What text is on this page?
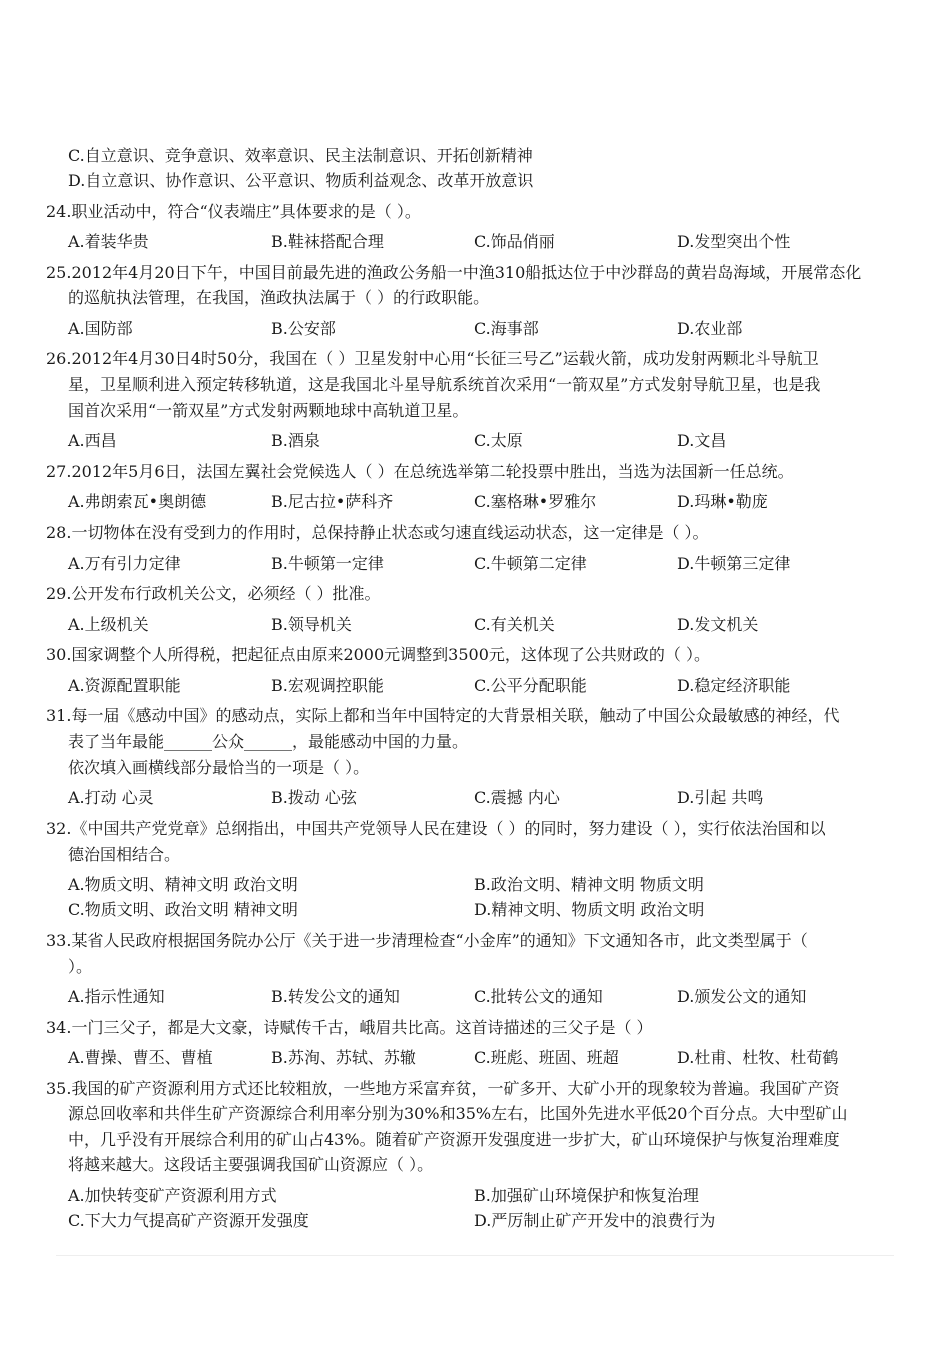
C.自立意识、竞争意识、效率意识、民主法制意识、开拓创新精神
D.自立意识、协作意识、公平意识、物质利益观念、改革开放意识
24.职业活动中，符合“仪表端庄”具体要求的是（ ）。
A.着装华贵	B.鞋袜搭配合理	C.饰品俏丽	D.发型突出个性
25.2012年4月20日下午，中国目前最先进的渔政公务船一中渔310船抵达位于中沙群岛的黄岩岛海域，开展常态化
的巡航执法管理，在我国，渔政执法属于（ ）的行政职能。
A.国防部	B.公安部	C.海事部	D.农业部
26.2012年4月30日4时50分，我国在（ ）卫星发射中心用“长征三号乙”运载火箭，成功发射两颗北斗导航卫
星，卫星顺利进入预定转移轨道，这是我国北斗星导航系统首次采用“一箭双星”方式发射导航卫星，也是我
国首次采用“一箭双星”方式发射两颗地球中高轨道卫星。
A.西昌	B.酒泉	C.太原	D.文昌
27.2012年5月6日，法国左翼社会党候选人（ ）在总统选举第二轮投票中胜出，当选为法国新一任总统。
A.弗朗索瓦•奥朗德	B.尼古拉•萨科齐	C.塞格琳•罗雅尔	D.玛琳•勒庞
28.一切物体在没有受到力的作用时，总保持静止状态或匀速直线运动状态，这一定律是（ ）。
A.万有引力定律	B.牛顿第一定律	C.牛顿第二定律	D.牛顿第三定律
29.公开发布行政机关公文，必须经（ ）批准。
A.上级机关	B.领导机关	C.有关机关	D.发文机关
30.国家调整个人所得税，把起征点由原来2000元调整到3500元，这体现了公共财政的（ ）。
A.资源配置职能	B.宏观调控职能	C.公平分配职能	D.稳定经济职能
31.每一届《感动中国》的感动点，实际上都和当年中国特定的大背景相关联，触动了中国公众最敏感的神经，代
表了当年最能______公众______，最能感动中国的力量。
依次填入画横线部分最恰当的一项是（ ）。
A.打动 心灵	B.拨动 心弦	C.震撼 内心	D.引起 共鸣
32.《中国共产党党章》总纲指出，中国共产党领导人民在建设（ ）的同时，努力建设（ ），实行依法治国和以
德治国相结合。
A.物质文明、精神文明 政治文明	B.政治文明、精神文明 物质文明
C.物质文明、政治文明 精神文明	D.精神文明、物质文明 政治文明
33.某省人民政府根据国务院办公厅《关于进一步清理检查“小金库”的通知》下文通知各市，此文类型属于（
）。
A.指示性通知	B.转发公文的通知	C.批转公文的通知	D.颁发公文的通知
34.一门三父子，都是大文豪，诗赋传千古，峨眉共比高。这首诗描述的三父子是（ ）
A.曹操、曹丕、曹植	B.苏洵、苏轼、苏辙	C.班彪、班固、班超	D.杜甫、杜牧、杜荀鹤
35.我国的矿产资源利用方式还比较粗放，一些地方采富弃贫，一矿多开、大矿小开的现象较为普遍。我国矿产资
源总回收率和共伴生矿产资源综合利用率分别为30%和35%左右，比国外先进水平低20个百分点。大中型矿山
中，几乎没有开展综合利用的矿山占43%。随着矿产资源开发强度进一步扩大，矿山环境保护与恢复治理难度
将越来越大。这段话主要强调我国矿山资源应（ ）。
A.加快转变矿产资源利用方式	B.加强矿山环境保护和恢复治理
C.下大力气提高矿产资源开发强度	D.严厉制止矿产开发中的浪费行为
